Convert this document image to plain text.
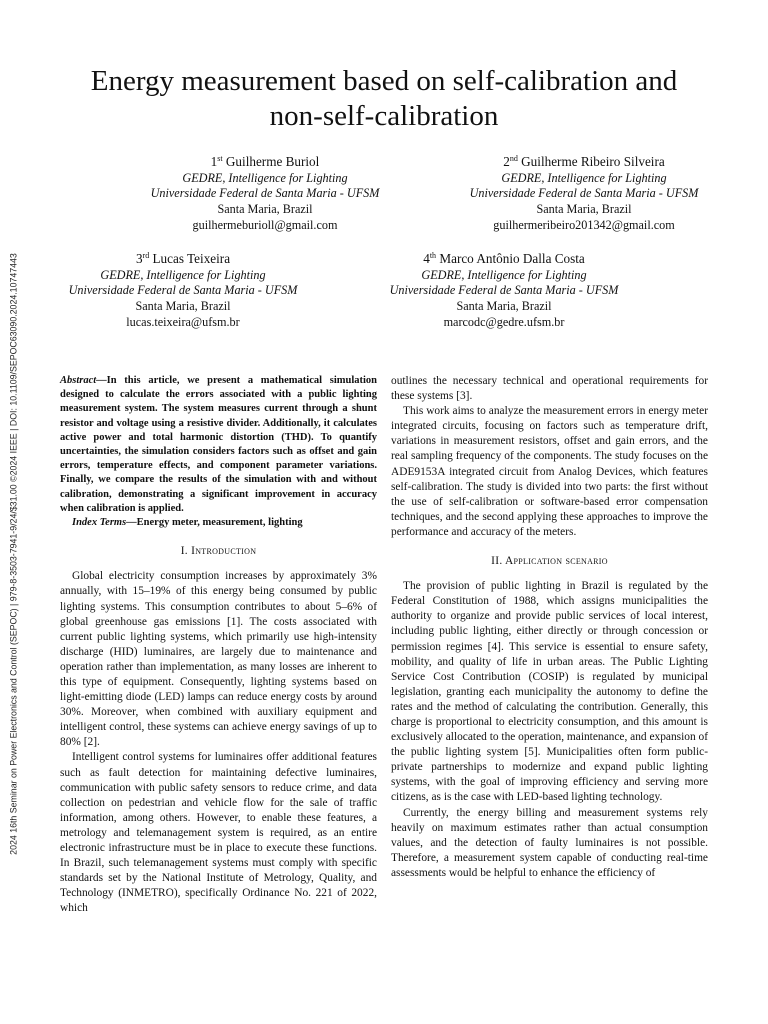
2024 16th Seminar on Power Electronics and Control (SEPOC) | 979-8-3503-7941-9/24/$31.00 ©2024 IEEE | DOI: 10.1109/SEPOC63090.2024.10747443
Energy measurement based on self-calibration and
non-self-calibration
1st Guilherme Buriol
GEDRE, Intelligence for Lighting
Universidade Federal de Santa Maria - UFSM
Santa Maria, Brazil
guilhermeburioll@gmail.com
2nd Guilherme Ribeiro Silveira
GEDRE, Intelligence for Lighting
Universidade Federal de Santa Maria - UFSM
Santa Maria, Brazil
guilhermeribeiro201342@gmail.com
3rd Lucas Teixeira
GEDRE, Intelligence for Lighting
Universidade Federal de Santa Maria - UFSM
Santa Maria, Brazil
lucas.teixeira@ufsm.br
4th Marco Antônio Dalla Costa
GEDRE, Intelligence for Lighting
Universidade Federal de Santa Maria - UFSM
Santa Maria, Brazil
marcodc@gedre.ufsm.br

Abstract—In this article, we present a mathematical simulation designed to calculate the errors associated with a public lighting measurement system. The system measures current through a shunt resistor and voltage using a resistive divider. Additionally, it calculates active power and total harmonic distortion (THD). To quantify uncertainties, the simulation considers factors such as offset and gain errors, temperature effects, and component parameter variations. Finally, we compare the results of the simulation with and without calibration, demonstrating a significant improvement in accuracy when calibration is applied.

Index Terms—Energy meter, measurement, lighting

I. Introduction

Global electricity consumption increases by approximately 3% annually, with 15–19% of this energy being consumed by public lighting systems. This consumption contributes to about 5–6% of global greenhouse gas emissions [1]. The costs associated with current public lighting systems, which primarily use high-intensity discharge (HID) luminaires, are largely due to maintenance and operation rather than implementation, as many losses are inherent to this type of equipment. Consequently, lighting systems based on light-emitting diode (LED) lamps can reduce energy costs by around 30%. Moreover, when combined with auxiliary equipment and intelligent control, these systems can achieve energy savings of up to 80% [2].

Intelligent control systems for luminaires offer additional features such as fault detection for maintaining defective luminaires, communication with public safety sensors to reduce crime, and data collection on pedestrian and vehicle flow for the sale of traffic information, among others. However, to enable these features, a metrology and telemanagement system is required, as an entire electronic infrastructure must be in place to execute these functions. In Brazil, such telemanagement systems must comply with specific standards set by the National Institute of Metrology, Quality, and Technology (INMETRO), specifically Ordinance No. 221 of 2022, which

outlines the necessary technical and operational requirements for these systems [3].

This work aims to analyze the measurement errors in energy meter integrated circuits, focusing on factors such as temperature drift, variations in measurement resistors, offset and gain errors, and the real sampling frequency of the components. The study focuses on the ADE9153A integrated circuit from Analog Devices, which features self-calibration. The study is divided into two parts: the first without the use of self-calibration or software-based error compensation techniques, and the second applying these approaches to improve the performance and accuracy of the meters.

II. Application scenario

The provision of public lighting in Brazil is regulated by the Federal Constitution of 1988, which assigns municipalities the authority to organize and provide public services of local interest, including public lighting, either directly or through concession or permission regimes [4]. This service is essential to ensure safety, mobility, and quality of life in urban areas. The Public Lighting Service Cost Contribution (COSIP) is regulated by municipal legislation, granting each municipality the autonomy to define the rates and the method of calculating the contribution. Generally, this charge is proportional to electricity consumption, and this amount is exclusively allocated to the operation, maintenance, and expansion of the public lighting system [5]. Municipalities often form public-private partnerships to modernize and expand public lighting systems, with the goal of improving efficiency and serving more citizens, as is the case with LED-based lighting technology.

Currently, the energy billing and measurement systems rely heavily on maximum estimates rather than actual consumption values, and the detection of faulty luminaires is not possible. Therefore, a measurement system capable of conducting real-time assessments would be helpful to enhance the efficiency of
